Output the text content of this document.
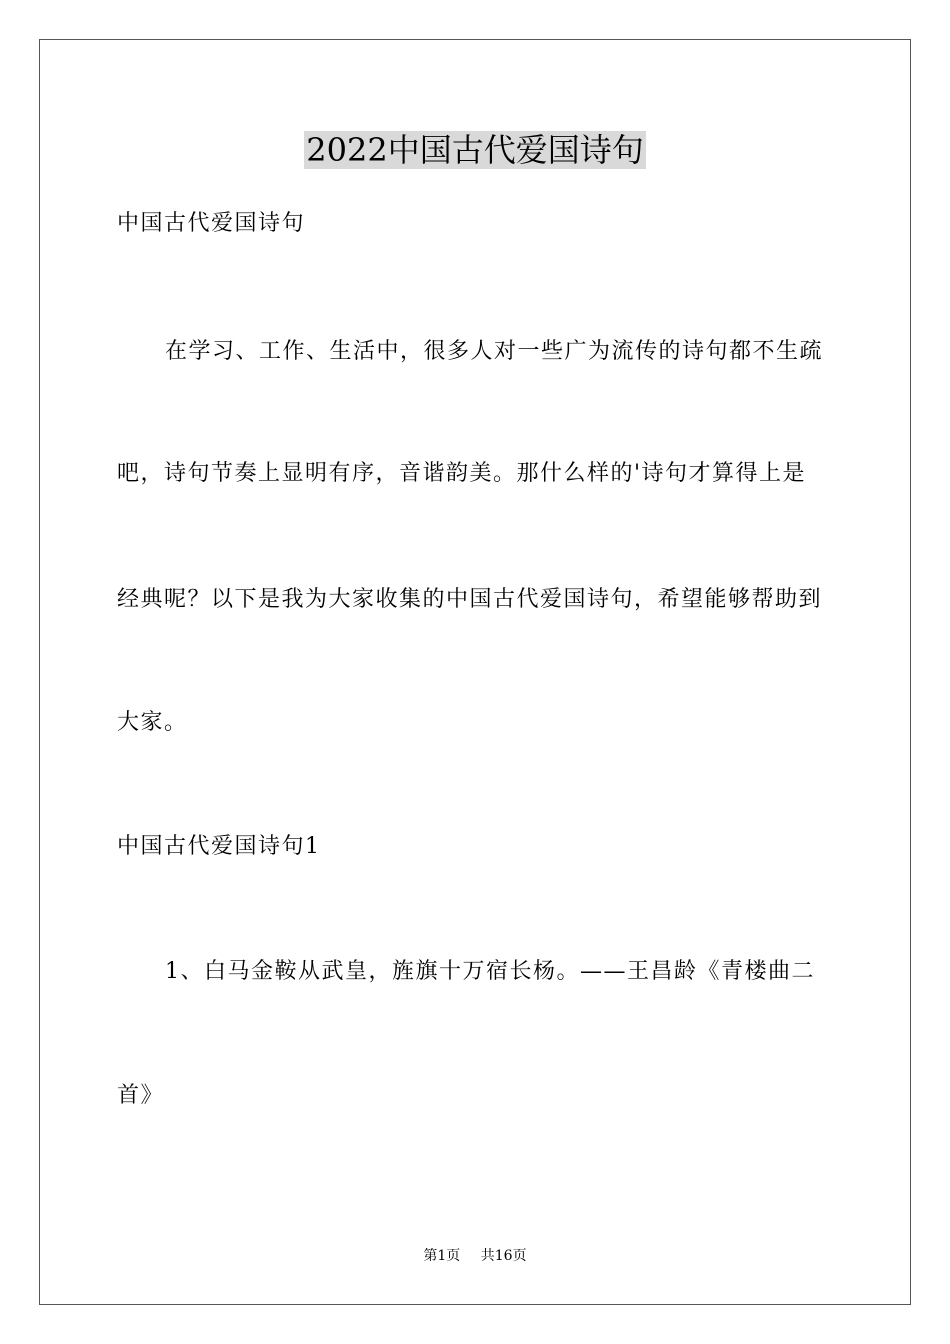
2022中国古代爱国诗句
中国古代爱国诗句
在学习、工作、生活中，很多人对一些广为流传的诗句都不生疏
吧，诗句节奏上显明有序，音谐韵美。那什么样的'诗句才算得上是
经典呢？以下是我为大家收集的中国古代爱国诗句，希望能够帮助到
大家。
中国古代爱国诗句1
1、白马金鞍从武皇，旌旗十万宿长杨。——王昌龄《青楼曲二
首》
第1页 共16页
